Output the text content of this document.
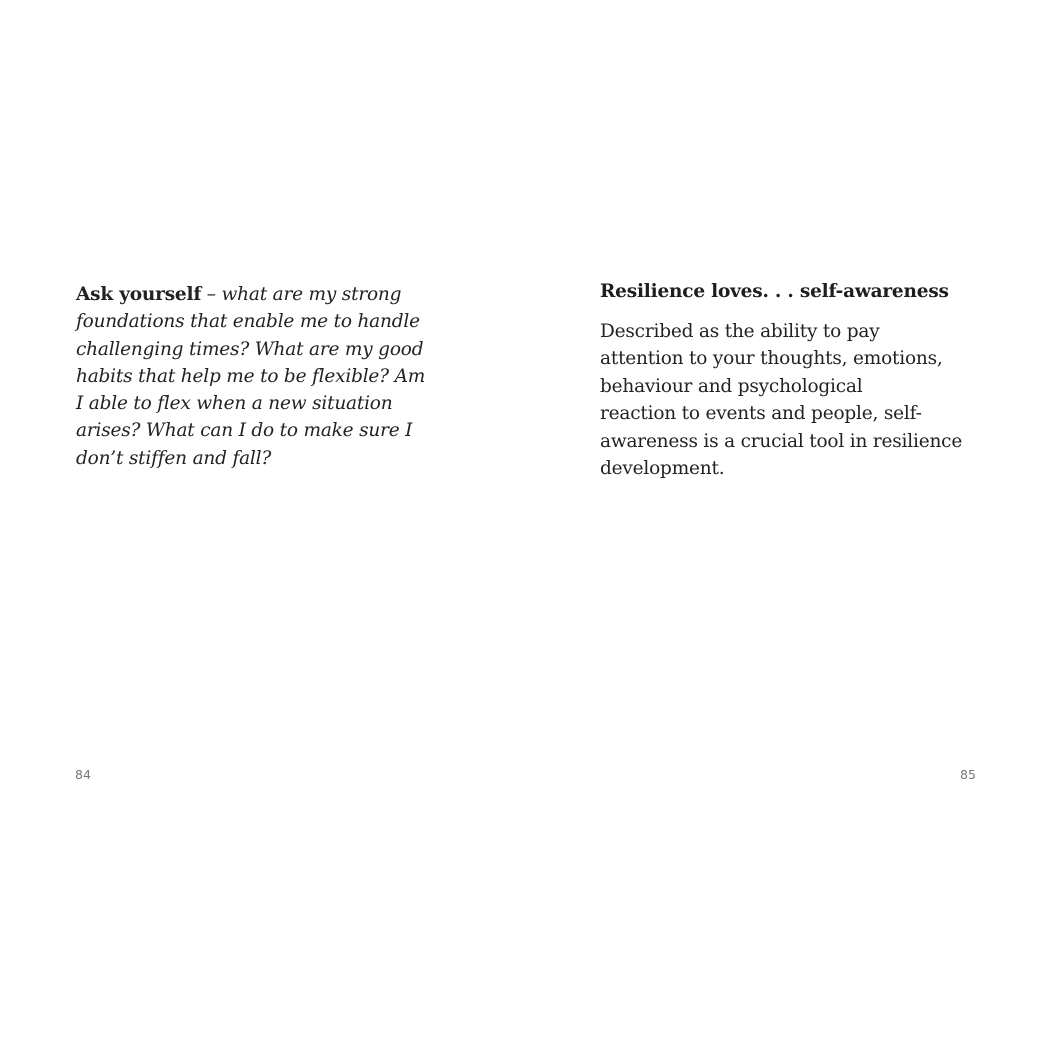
Ask yourself – what are my strong
foundations that enable me to handle
challenging times? What are my good
habits that help me to be flexible? Am
I able to flex when a new situation
arises? What can I do to make sure I
don’t stiffen and fall?
84
Resilience loves. . . self-awareness
Described as the ability to pay
attention to your thoughts, emotions,
behaviour and psychological
reaction to events and people, self-
awareness is a crucial tool in resilience
development.
85
